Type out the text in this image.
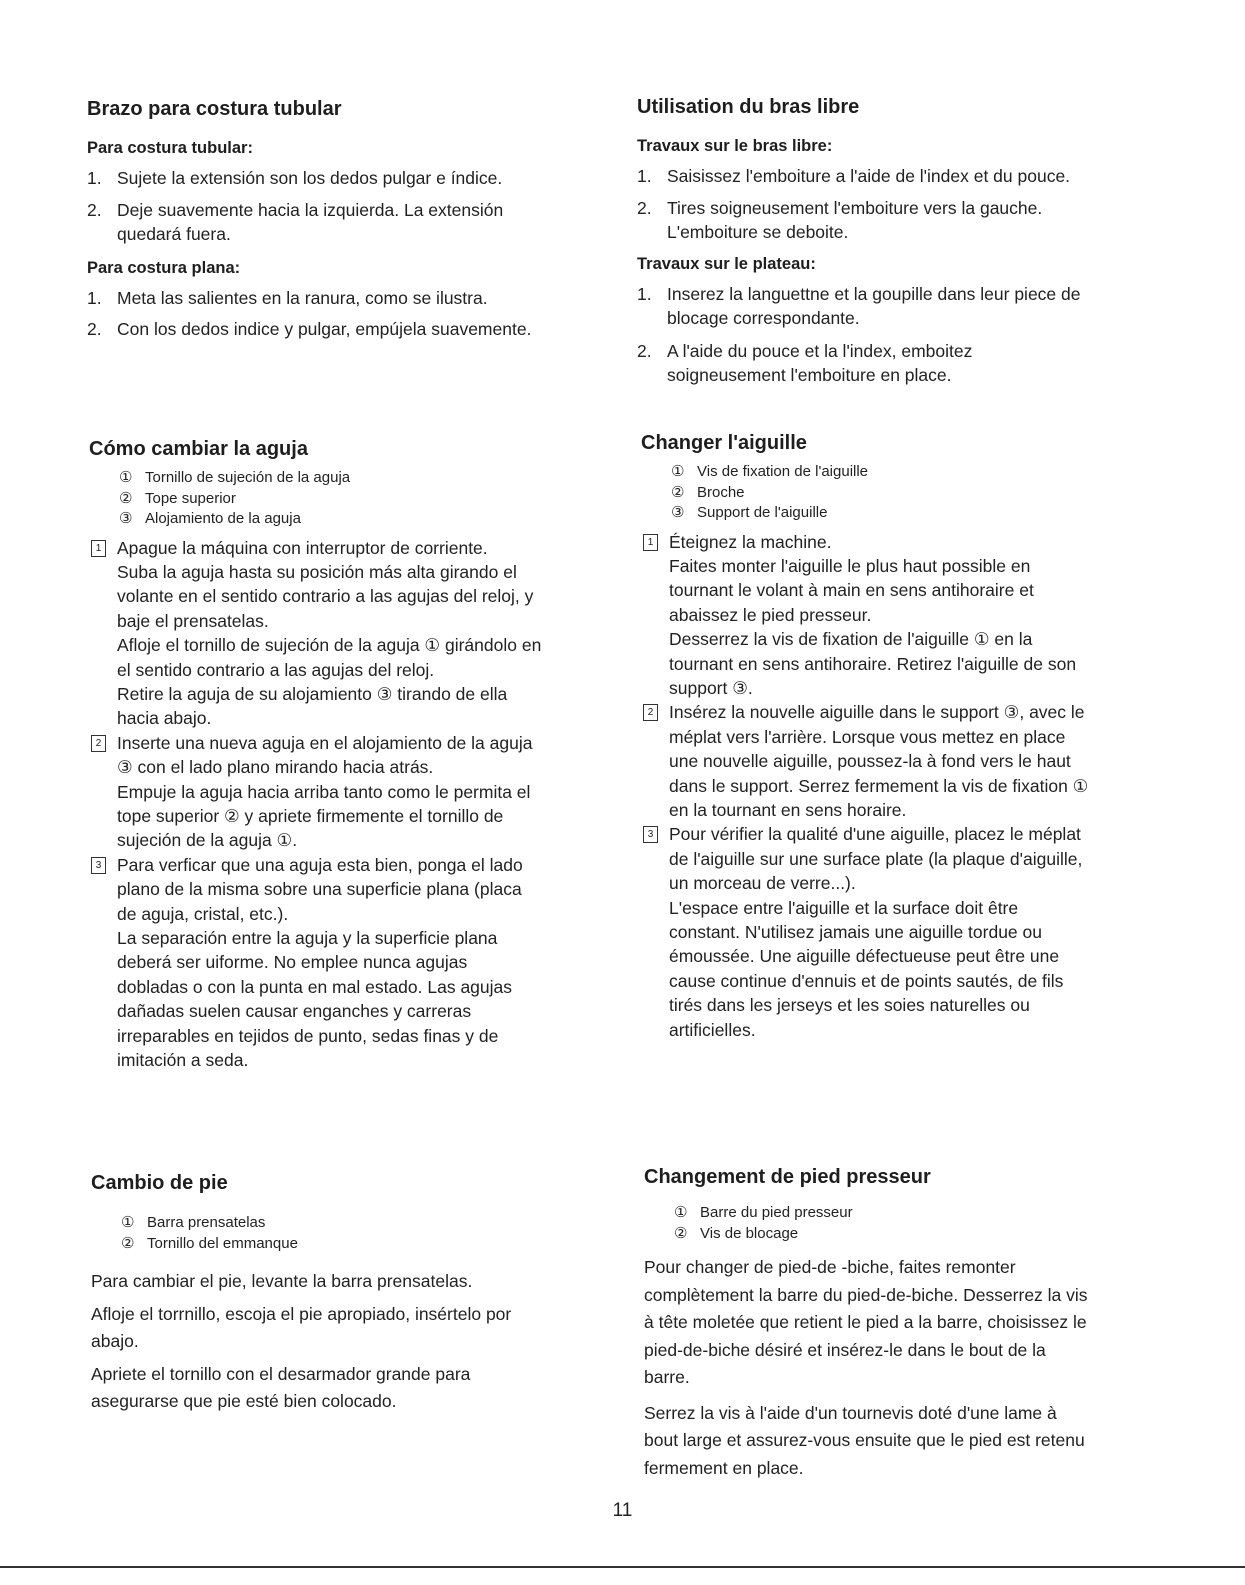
Brazo para costura tubular
Para costura tubular:
1. Sujete la extensión son los dedos pulgar e índice.
2. Deje suavemente hacia la izquierda. La extensión
quedará fuera.
Para costura plana:
1. Meta las salientes en la ranura, como se ilustra.
2. Con los dedos indice y pulgar, empújela suavemente.
Cómo cambiar la aguja
① Tornillo de sujeción de la aguja
② Tope superior
③ Alojamiento de la aguja
1 Apague la máquina con interruptor de corriente.
Suba la aguja hasta su posición más alta girando el
volante en el sentido contrario a las agujas del reloj, y
baje el prensatelas.
Afloje el tornillo de sujeción de la aguja ① girándolo en
el sentido contrario a las agujas del reloj.
Retire la aguja de su alojamiento ③ tirando de ella
hacia abajo.
2 Inserte una nueva aguja en el alojamiento de la aguja
③ con el lado plano mirando hacia atrás.
Empuje la aguja hacia arriba tanto como le permita el
tope superior ② y apriete firmemente el tornillo de
sujeción de la aguja ①.
3 Para verficar que una aguja esta bien, ponga el lado
plano de la misma sobre una superficie plana (placa
de aguja, cristal, etc.).
La separación entre la aguja y la superficie plana
deberá ser uiforme. No emplee nunca agujas
dobladas o con la punta en mal estado. Las agujas
dañadas suelen causar enganches y carreras
irreparables en tejidos de punto, sedas finas y de
imitación a seda.
Cambio de pie
① Barra prensatelas
② Tornillo del emmanque

Para cambiar el pie, levante la barra prensatelas.

Afloje el torrnillo, escoja el pie apropiado, insértelo por
abajo.

Apriete el tornillo con el desarmador grande para
asegurarse que pie esté bien colocado.

Utilisation du bras libre
Travaux sur le bras libre:
1. Saisissez l'emboiture a l'aide de l'index et du pouce.
2. Tires soigneusement l'emboiture vers la gauche.
L'emboiture se deboite.
Travaux sur le plateau:
1. Inserez la languettne et la goupille dans leur piece de
blocage correspondante.
2. A l'aide du pouce et la l'index, emboitez
soigneusement l'emboiture en place.
Changer l'aiguille
① Vis de fixation de l'aiguille
② Broche
③ Support de l'aiguille
1 Éteignez la machine.
Faites monter l'aiguille le plus haut possible en
tournant le volant à main en sens antihoraire et
abaissez le pied presseur.
Desserrez la vis de fixation de l'aiguille ① en la
tournant en sens antihoraire. Retirez l'aiguille de son
support ③.
2 Insérez la nouvelle aiguille dans le support ③, avec le
méplat vers l'arrière. Lorsque vous mettez en place
une nouvelle aiguille, poussez-la à fond vers le haut
dans le support. Serrez fermement la vis de fixation ①
en la tournant en sens horaire.
3 Pour vérifier la qualité d'une aiguille, placez le méplat
de l'aiguille sur une surface plate (la plaque d'aiguille,
un morceau de verre...).
L'espace entre l'aiguille et la surface doit être
constant. N'utilisez jamais une aiguille tordue ou
émoussée. Une aiguille défectueuse peut être une
cause continue d'ennuis et de points sautés, de fils
tirés dans les jerseys et les soies naturelles ou
artificielles.
Changement de pied presseur
① Barre du pied presseur
② Vis de blocage

Pour changer de pied-de -biche, faites remonter
complètement la barre du pied-de-biche. Desserrez la vis
à tête moletée que retient le pied a la barre, choisissez le
pied-de-biche désiré et insérez-le dans le bout de la
barre.

Serrez la vis à l'aide d'un tournevis doté d'une lame à
bout large et assurez-vous ensuite que le pied est retenu
fermement en place.

11
